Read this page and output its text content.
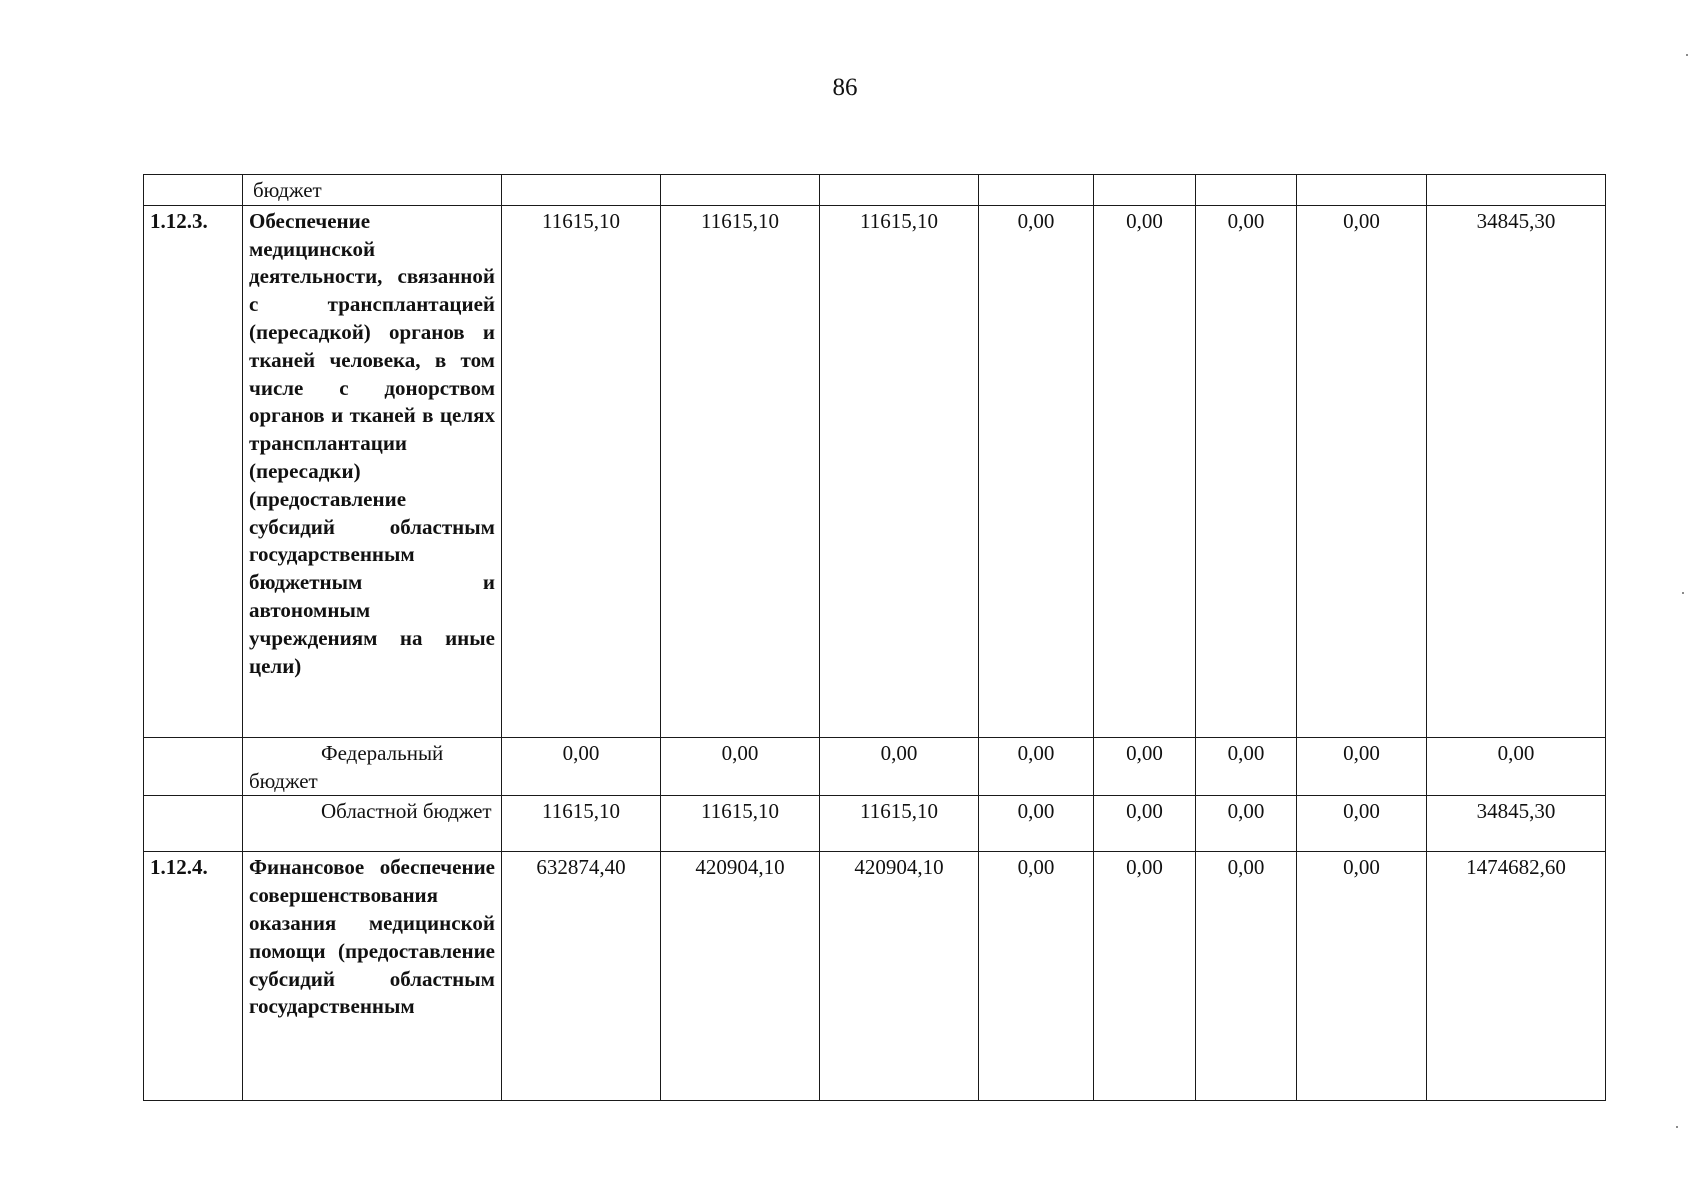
86
	бюджет								
1.12.3.	Обеспечение медицинской деятельности, связанной с трансплантацией (пересадкой) органов и тканей человека, в том числе с донорством органов и тканей в целях трансплантации (пересадки) (предоставление субсидий областным государственным бюджетным и автономным учреждениям на иные цели)	11615,10	11615,10	11615,10	0,00	0,00	0,00	0,00	34845,30
	Федеральный бюджет	0,00	0,00	0,00	0,00	0,00	0,00	0,00	0,00
	Областной бюджет	11615,10	11615,10	11615,10	0,00	0,00	0,00	0,00	34845,30
1.12.4.	Финансовое обеспечение совершенствования оказания медицинской помощи (предоставление субсидий областным государственным	632874,40	420904,10	420904,10	0,00	0,00	0,00	0,00	1474682,60
